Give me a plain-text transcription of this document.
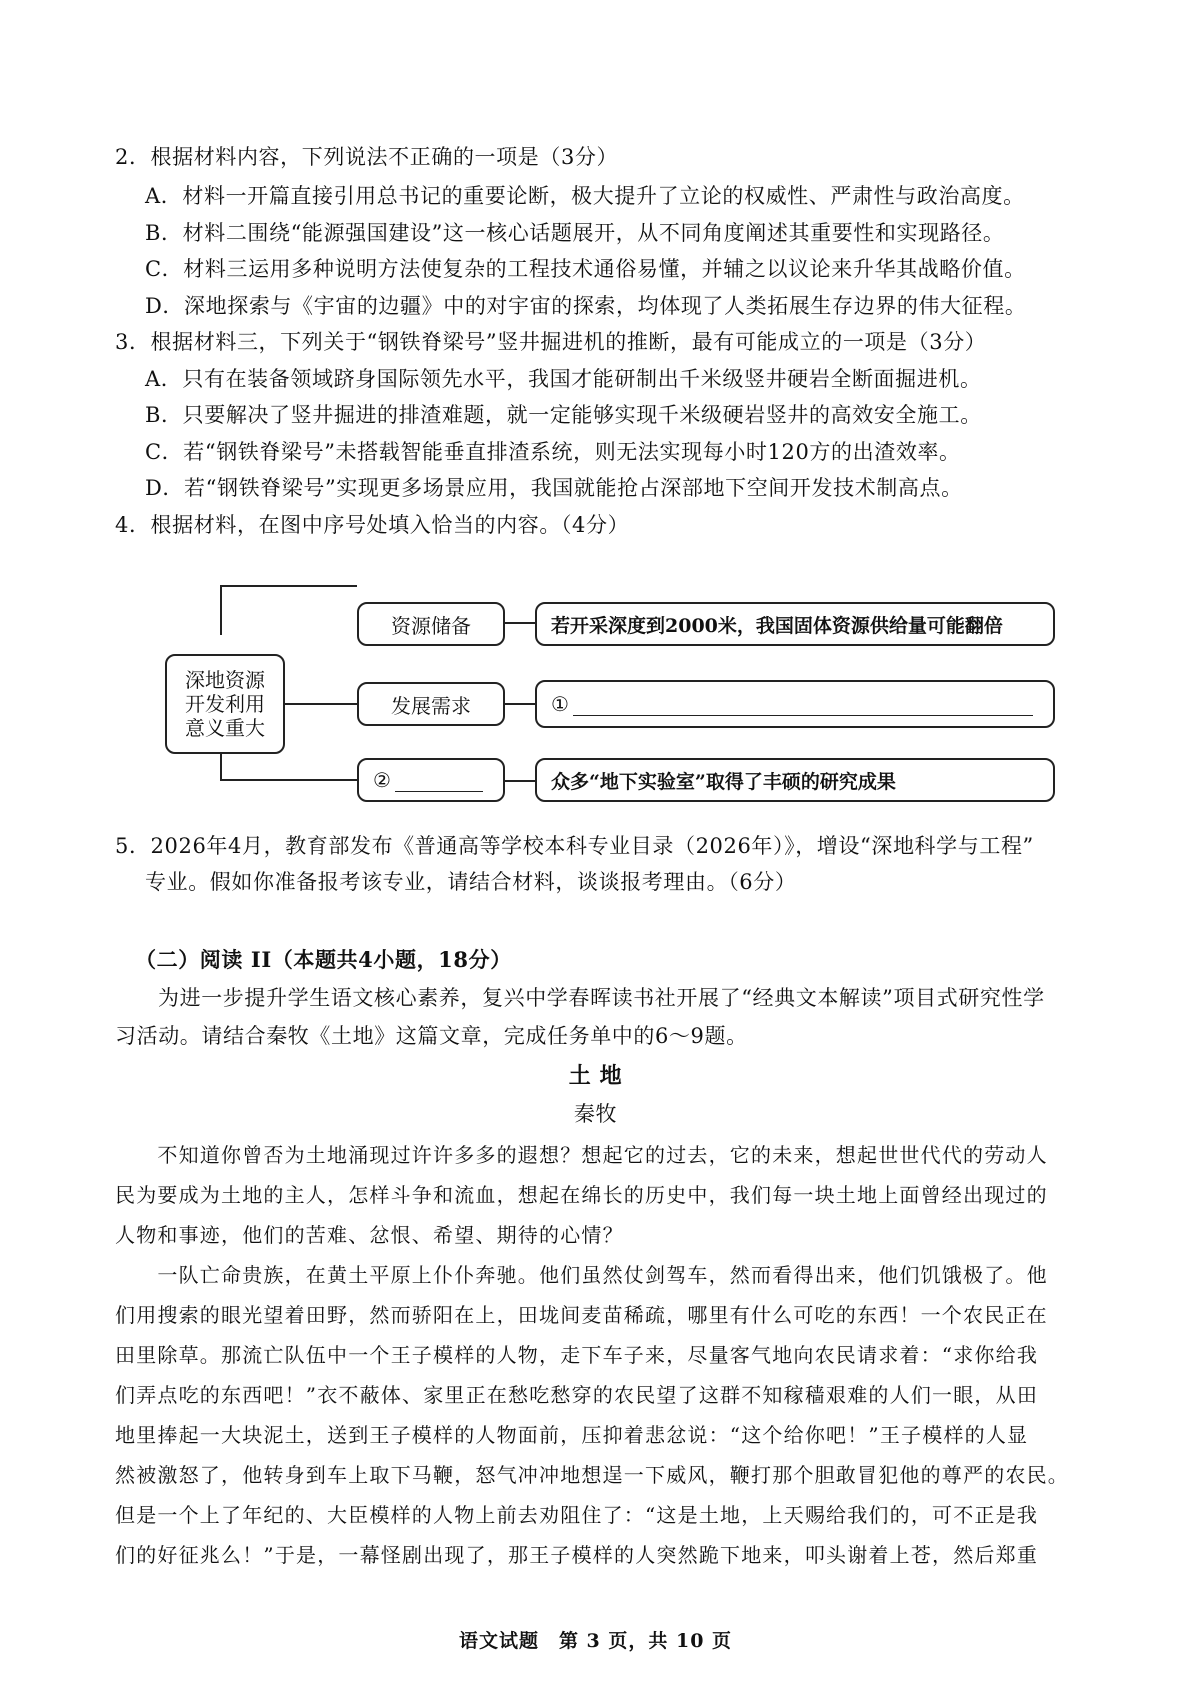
2．根据材料内容，下列说法不正确的一项是（3分）
A．材料一开篇直接引用总书记的重要论断，极大提升了立论的权威性、严肃性与政治高度。
B．材料二围绕“能源强国建设”这一核心话题展开，从不同角度阐述其重要性和实现路径。
C．材料三运用多种说明方法使复杂的工程技术通俗易懂，并辅之以议论来升华其战略价值。
D．深地探索与《宇宙的边疆》中的对宇宙的探索，均体现了人类拓展生存边界的伟大征程。
3．根据材料三，下列关于“钢铁脊梁号”竖井掘进机的推断，最有可能成立的一项是（3分）
A．只有在装备领域跻身国际领先水平，我国才能研制出千米级竖井硬岩全断面掘进机。
B．只要解决了竖井掘进的排渣难题，就一定能够实现千米级硬岩竖井的高效安全施工。
C．若“钢铁脊梁号”未搭载智能垂直排渣系统，则无法实现每小时120方的出渣效率。
D．若“钢铁脊梁号”实现更多场景应用，我国就能抢占深部地下空间开发技术制高点。
4．根据材料，在图中序号处填入恰当的内容。（4分）
深地资源
开发利用
意义重大
资源储备	若开采深度到2000米，我国固体资源供给量可能翻倍
发展需求	①
②	众多“地下实验室”取得了丰硕的研究成果
5．2026年4月，教育部发布《普通高等学校本科专业目录（2026年）》，增设“深地科学与工程”
专业。假如你准备报考该专业，请结合材料，谈谈报考理由。（6分）
（二）阅读 II（本题共4小题，18分）
为进一步提升学生语文核心素养，复兴中学春晖读书社开展了“经典文本解读”项目式研究性学
习活动。请结合秦牧《土地》这篇文章，完成任务单中的6～9题。
土 地
秦牧
　　不知道你曾否为土地涌现过许许多多的遐想？想起它的过去，它的未来，想起世世代代的劳动人
民为要成为土地的主人，怎样斗争和流血，想起在绵长的历史中，我们每一块土地上面曾经出现过的
人物和事迹，他们的苦难、忿恨、希望、期待的心情？
　　一队亡命贵族，在黄土平原上仆仆奔驰。他们虽然仗剑驾车，然而看得出来，他们饥饿极了。他
们用搜索的眼光望着田野，然而骄阳在上，田垅间麦苗稀疏，哪里有什么可吃的东西！一个农民正在
田里除草。那流亡队伍中一个王子模样的人物，走下车子来，尽量客气地向农民请求着：“求你给我
们弄点吃的东西吧！”衣不蔽体、家里正在愁吃愁穿的农民望了这群不知稼穑艰难的人们一眼，从田
地里捧起一大块泥土，送到王子模样的人物面前，压抑着悲忿说：“这个给你吧！”王子模样的人显
然被激怒了，他转身到车上取下马鞭，怒气冲冲地想逞一下威风，鞭打那个胆敢冒犯他的尊严的农民。
但是一个上了年纪的、大臣模样的人物上前去劝阻住了：“这是土地，上天赐给我们的，可不正是我
们的好征兆么！”于是，一幕怪剧出现了，那王子模样的人突然跪下地来，叩头谢着上苍，然后郑重
语文试题　第 3 页，共 10 页
